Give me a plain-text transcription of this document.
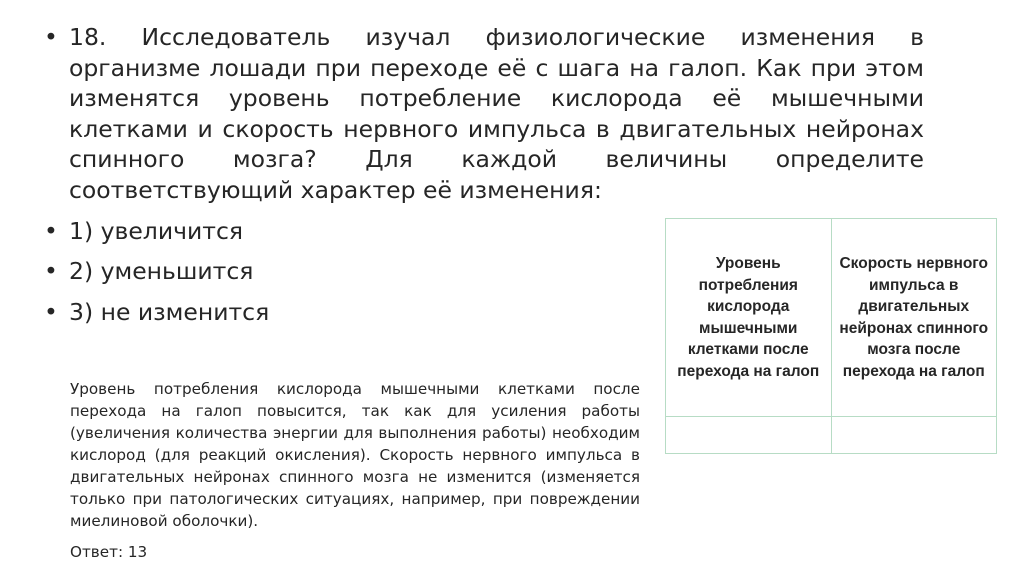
• 18. Исследователь изучал физиологические изменения в организме лошади при переходе её с шага на галоп. Как при этом изменятся уровень потребление кислорода её мышечными клетками и скорость нервного импульса в двигательных нейронах спинного мозга? Для каждой величины определите соответствующий характер её изменения:
• 1) увеличится
• 2) уменьшится
• 3) не изменится
Уровень потребления кислорода мышечными клетками после перехода на галоп	Скорость нервного импульса в двигательных нейронах спинного мозга после перехода на галоп

Уровень потребления кислорода мышечными клетками после перехода на галоп повысится, так как для усиления работы (увеличения количества энергии для выполнения работы) необходим кислород (для реакций окисления). Скорость нервного импульса в двигательных нейронах спинного мозга не изменится (изменяется только при патологических ситуациях, например, при повреждении миелиновой оболочки).
Ответ: 13
